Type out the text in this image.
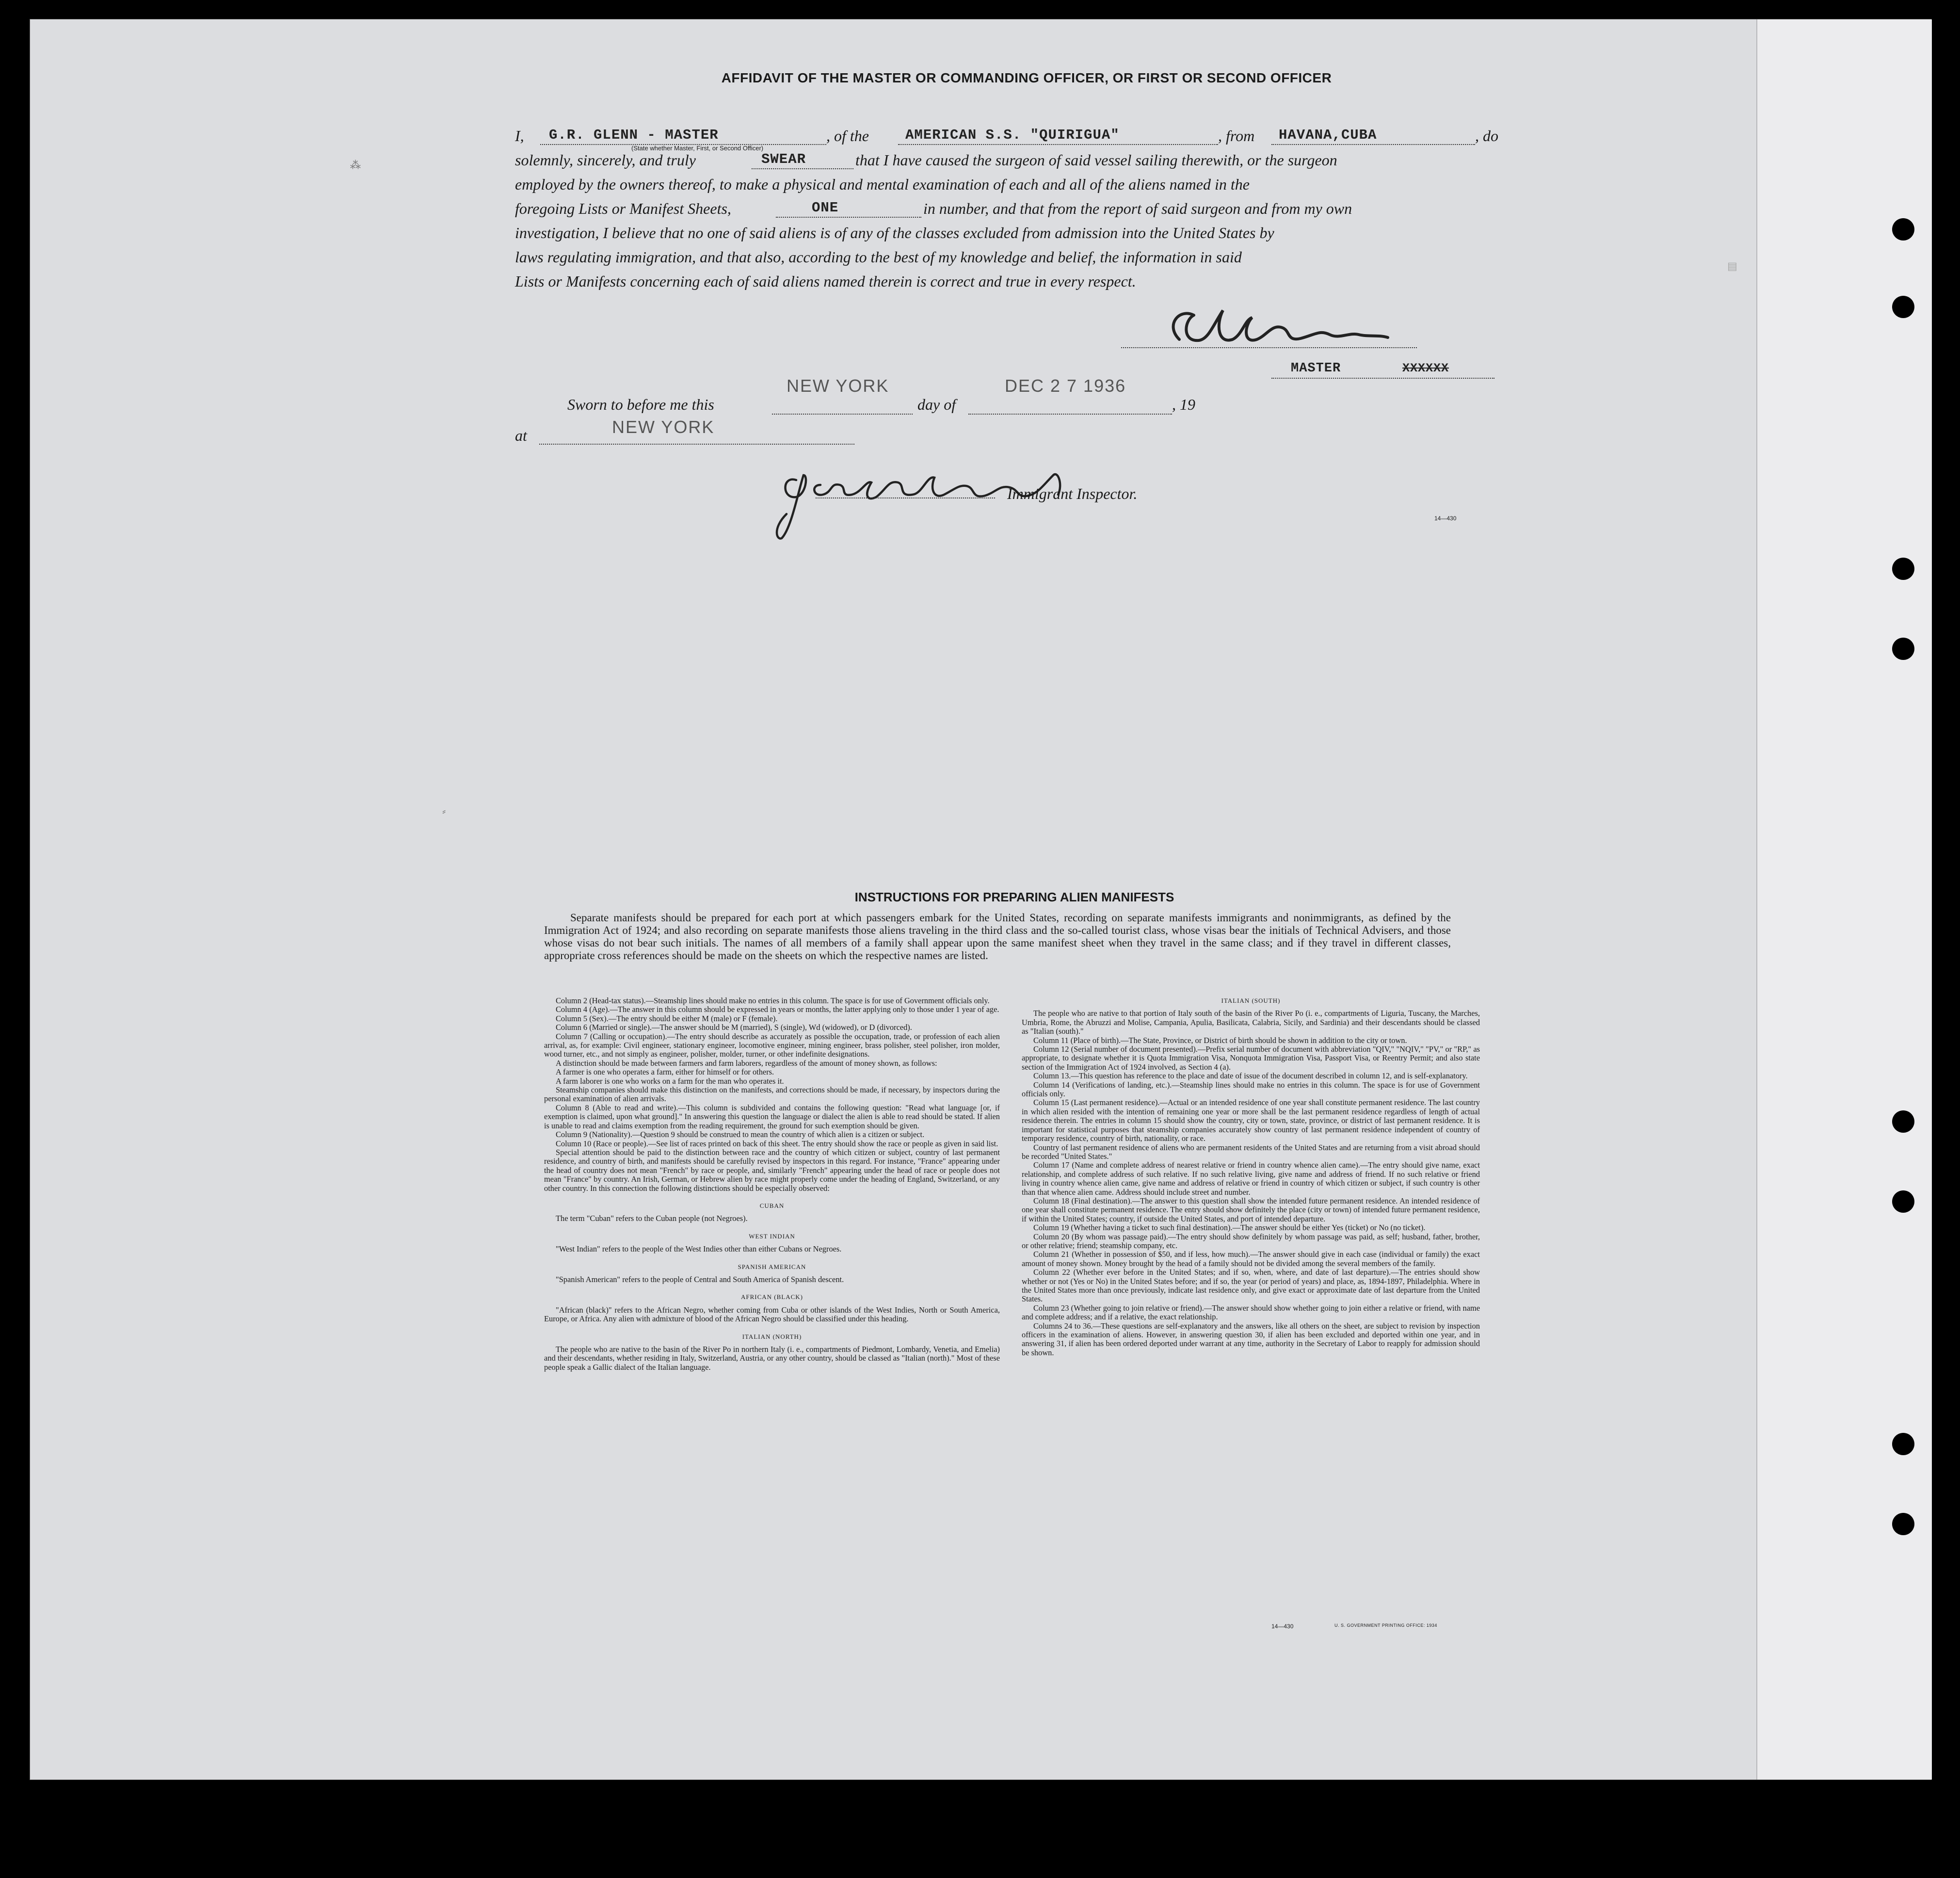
AFFIDAVIT OF THE MASTER OR COMMANDING OFFICER, OR FIRST OR SECOND OFFICER
I, G.R. GLENN - MASTER	, of the	AMERICAN S.S. "QUIRIGUA"	, from HAVANA,CUBA	, do
(State whether Master, First, or Second Officer)
solemnly, sincerely, and truly	SWEAR	that I have caused the surgeon of said vessel sailing therewith, or the surgeon
employed by the owners thereof, to make a physical and mental examination of each and all of the aliens named in the
foregoing Lists or Manifest Sheets,	ONE	in number, and that from the report of said surgeon and from my own
investigation, I believe that no one of said aliens is of any of the classes excluded from admission into the United States by
laws regulating immigration, and that also, according to the best of my knowledge and belief, the information in said
Lists or Manifests concerning each of said aliens named therein is correct and true in every respect.
MASTER	XXXXXX
Sworn to before me this
NEW YORK
day of
DEC 2 7 1936
, 19
at	NEW YORK
Immigrant Inspector.
14—430
⁂
⸗
▤
INSTRUCTIONS FOR PREPARING ALIEN MANIFESTS
Separate manifests should be prepared for each port at which passengers embark for the United States, recording on separate manifests immigrants and nonimmigrants, as defined by the Immigration Act of 1924; and also recording on separate manifests those aliens traveling in the third class and the so-called tourist class, whose visas bear the initials of Technical Advisers, and those whose visas do not bear such initials. The names of all members of a family shall appear upon the same manifest sheet when they travel in the same class; and if they travel in different classes, appropriate cross references should be made on the sheets on which the respective names are listed.

Column 2 (Head-tax status).—Steamship lines should make no entries in this column. The space is for use of Government officials only.

Column 4 (Age).—The answer in this column should be expressed in years or months, the latter applying only to those under 1 year of age.

Column 5 (Sex).—The entry should be either M (male) or F (female).

Column 6 (Married or single).—The answer should be M (married), S (single), Wd (widowed), or D (divorced).

Column 7 (Calling or occupation).—The entry should describe as accurately as possible the occupation, trade, or profession of each alien arrival, as, for example: Civil engineer, stationary engineer, locomotive engineer, mining engineer, brass polisher, steel polisher, iron molder, wood turner, etc., and not simply as engineer, polisher, molder, turner, or other indefinite designations.

A distinction should be made between farmers and farm laborers, regardless of the amount of money shown, as follows:

A farmer is one who operates a farm, either for himself or for others.

A farm laborer is one who works on a farm for the man who operates it.

Steamship companies should make this distinction on the manifests, and corrections should be made, if necessary, by inspectors during the personal examination of alien arrivals.

Column 8 (Able to read and write).—This column is subdivided and contains the following question: "Read what language [or, if exemption is claimed, upon what ground]." In answering this question the language or dialect the alien is able to read should be stated. If alien is unable to read and claims exemption from the reading requirement, the ground for such exemption should be given.

Column 9 (Nationality).—Question 9 should be construed to mean the country of which alien is a citizen or subject.

Column 10 (Race or people).—See list of races printed on back of this sheet. The entry should show the race or people as given in said list.

Special attention should be paid to the distinction between race and the country of which citizen or subject, country of last permanent residence, and country of birth, and manifests should be carefully revised by inspectors in this regard. For instance, "France" appearing under the head of country does not mean "French" by race or people, and, similarly "French" appearing under the head of race or people does not mean "France" by country. An Irish, German, or Hebrew alien by race might properly come under the heading of England, Switzerland, or any other country. In this connection the following distinctions should be especially observed:

CUBAN

The term "Cuban" refers to the Cuban people (not Negroes).

WEST INDIAN

"West Indian" refers to the people of the West Indies other than either Cubans or Negroes.

SPANISH AMERICAN

"Spanish American" refers to the people of Central and South America of Spanish descent.

AFRICAN (BLACK)

"African (black)" refers to the African Negro, whether coming from Cuba or other islands of the West Indies, North or South America, Europe, or Africa. Any alien with admixture of blood of the African Negro should be classified under this heading.

ITALIAN (NORTH)

The people who are native to the basin of the River Po in northern Italy (i. e., compartments of Piedmont, Lombardy, Venetia, and Emelia) and their descendants, whether residing in Italy, Switzerland, Austria, or any other country, should be classed as "Italian (north)." Most of these people speak a Gallic dialect of the Italian language.

ITALIAN (SOUTH)

The people who are native to that portion of Italy south of the basin of the River Po (i. e., compartments of Liguria, Tuscany, the Marches, Umbria, Rome, the Abruzzi and Molise, Campania, Apulia, Basilicata, Calabria, Sicily, and Sardinia) and their descendants should be classed as "Italian (south)."

Column 11 (Place of birth).—The State, Province, or District of birth should be shown in addition to the city or town.

Column 12 (Serial number of document presented).—Prefix serial number of document with abbreviation "QIV," "NQIV," "PV," or "RP," as appropriate, to designate whether it is Quota Immigration Visa, Nonquota Immigration Visa, Passport Visa, or Reentry Permit; and also state section of the Immigration Act of 1924 involved, as Section 4 (a).

Column 13.—This question has reference to the place and date of issue of the document described in column 12, and is self-explanatory.

Column 14 (Verifications of landing, etc.).—Steamship lines should make no entries in this column. The space is for use of Government officials only.

Column 15 (Last permanent residence).—Actual or an intended residence of one year shall constitute permanent residence. The last country in which alien resided with the intention of remaining one year or more shall be the last permanent residence regardless of length of actual residence therein. The entries in column 15 should show the country, city or town, state, province, or district of last permanent residence. It is important for statistical purposes that steamship companies accurately show country of last permanent residence independent of country of temporary residence, country of birth, nationality, or race.

Country of last permanent residence of aliens who are permanent residents of the United States and are returning from a visit abroad should be recorded "United States."

Column 17 (Name and complete address of nearest relative or friend in country whence alien came).—The entry should give name, exact relationship, and complete address of such relative. If no such relative living, give name and address of friend. If no such relative or friend living in country whence alien came, give name and address of relative or friend in country of which citizen or subject, if such country is other than that whence alien came. Address should include street and number.

Column 18 (Final destination).—The answer to this question shall show the intended future permanent residence. An intended residence of one year shall constitute permanent residence. The entry should show definitely the place (city or town) of intended future permanent residence, if within the United States; country, if outside the United States, and port of intended departure.

Column 19 (Whether having a ticket to such final destination).—The answer should be either Yes (ticket) or No (no ticket).

Column 20 (By whom was passage paid).—The entry should show definitely by whom passage was paid, as self; husband, father, brother, or other relative; friend; steamship company, etc.

Column 21 (Whether in possession of $50, and if less, how much).—The answer should give in each case (individual or family) the exact amount of money shown. Money brought by the head of a family should not be divided among the several members of the family.

Column 22 (Whether ever before in the United States; and if so, when, where, and date of last departure).—The entries should show whether or not (Yes or No) in the United States before; and if so, the year (or period of years) and place, as, 1894-1897, Philadelphia. Where in the United States more than once previously, indicate last residence only, and give exact or approximate date of last departure from the United States.

Column 23 (Whether going to join relative or friend).—The answer should show whether going to join either a relative or friend, with name and complete address; and if a relative, the exact relationship.

Columns 24 to 36.—These questions are self-explanatory and the answers, like all others on the sheet, are subject to revision by inspection officers in the examination of aliens. However, in answering question 30, if alien has been excluded and deported within one year, and in answering 31, if alien has been ordered deported under warrant at any time, authority in the Secretary of Labor to reapply for admission should be shown.

14—430	U. S. GOVERNMENT PRINTING OFFICE: 1934
